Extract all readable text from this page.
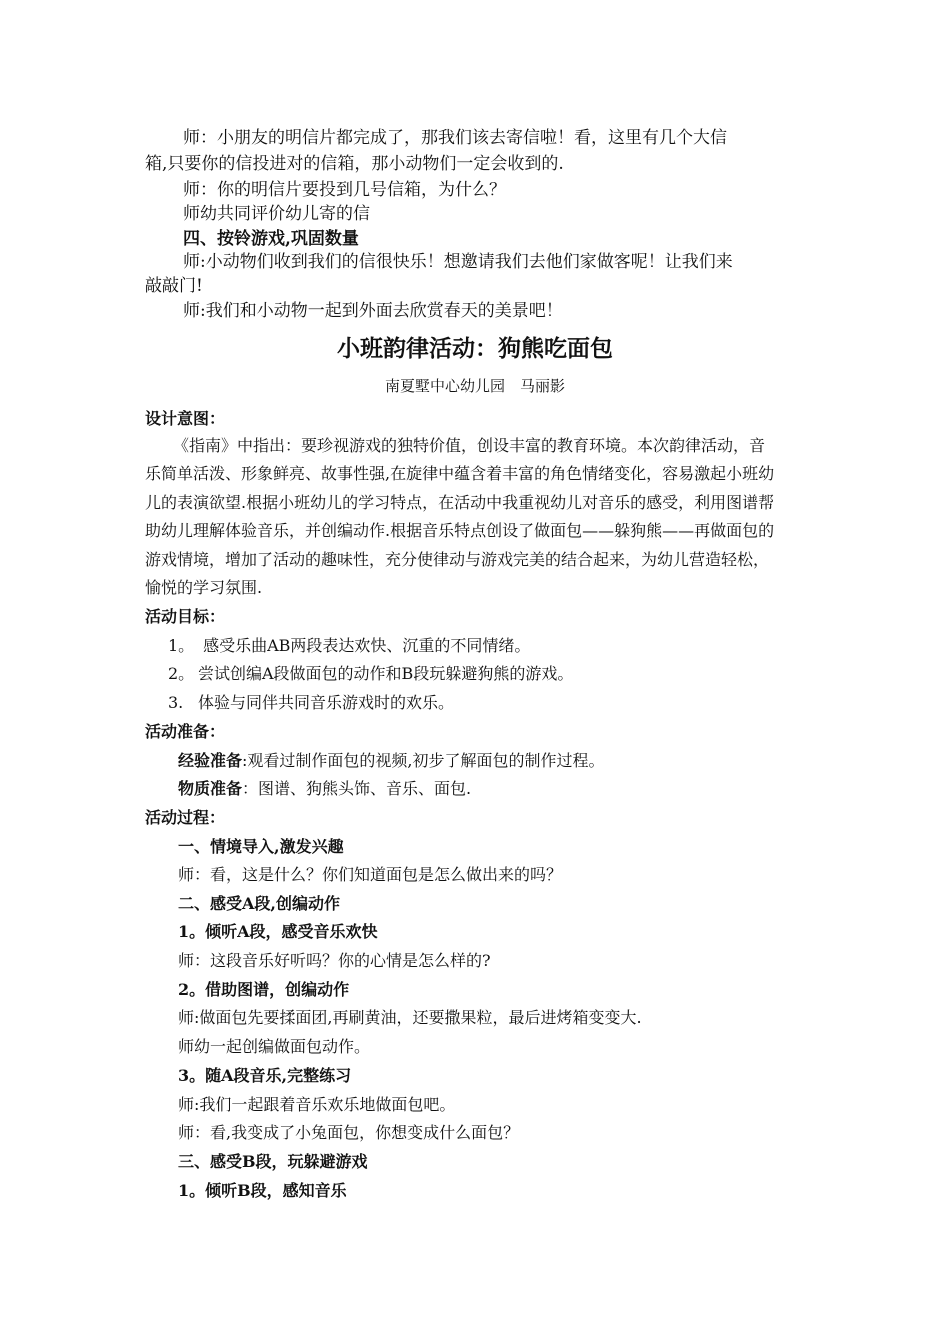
师：小朋友的明信片都完成了，那我们该去寄信啦！看，这里有几个大信

箱,只要你的信投进对的信箱，那小动物们一定会收到的.

师：你的明信片要投到几号信箱，为什么？

师幼共同评价幼儿寄的信

四、按铃游戏,巩固数量

师:小动物们收到我们的信很快乐！想邀请我们去他们家做客呢！让我们来

敲敲门!

师:我们和小动物一起到外面去欣赏春天的美景吧！

小班韵律活动：狗熊吃面包

南夏墅中心幼儿园　马丽影

设计意图：

《指南》中指出：要珍视游戏的独特价值，创设丰富的教育环境。本次韵律活动，音

乐简单活泼、形象鲜亮、故事性强,在旋律中蕴含着丰富的角色情绪变化，容易激起小班幼

儿的表演欲望.根据小班幼儿的学习特点，在活动中我重视幼儿对音乐的感受，利用图谱帮

助幼儿理解体验音乐，并创编动作.根据音乐特点创设了做面包——躲狗熊——再做面包的

游戏情境，增加了活动的趣味性，充分使律动与游戏完美的结合起来，为幼儿营造轻松，

愉悦的学习氛围.

活动目标：

1。 感受乐曲AB两段表达欢快、沉重的不同情绪。

2。 尝试创编A段做面包的动作和B段玩躲避狗熊的游戏。

3. 体验与同伴共同音乐游戏时的欢乐。

活动准备：

经验准备:观看过制作面包的视频,初步了解面包的制作过程。

物质准备：图谱、狗熊头饰、音乐、面包.

活动过程：

一、情境导入,激发兴趣

师：看，这是什么？你们知道面包是怎么做出来的吗？

二、感受A段,创编动作

1。倾听A段，感受音乐欢快

师：这段音乐好听吗？你的心情是怎么样的?

2。借助图谱，创编动作

师:做面包先要揉面团,再刷黄油，还要撒果粒，最后进烤箱变变大.

师幼一起创编做面包动作。

3。随A段音乐,完整练习

师:我们一起跟着音乐欢乐地做面包吧。

师：看,我变成了小兔面包，你想变成什么面包？

三、感受B段，玩躲避游戏

1。倾听B段，感知音乐
